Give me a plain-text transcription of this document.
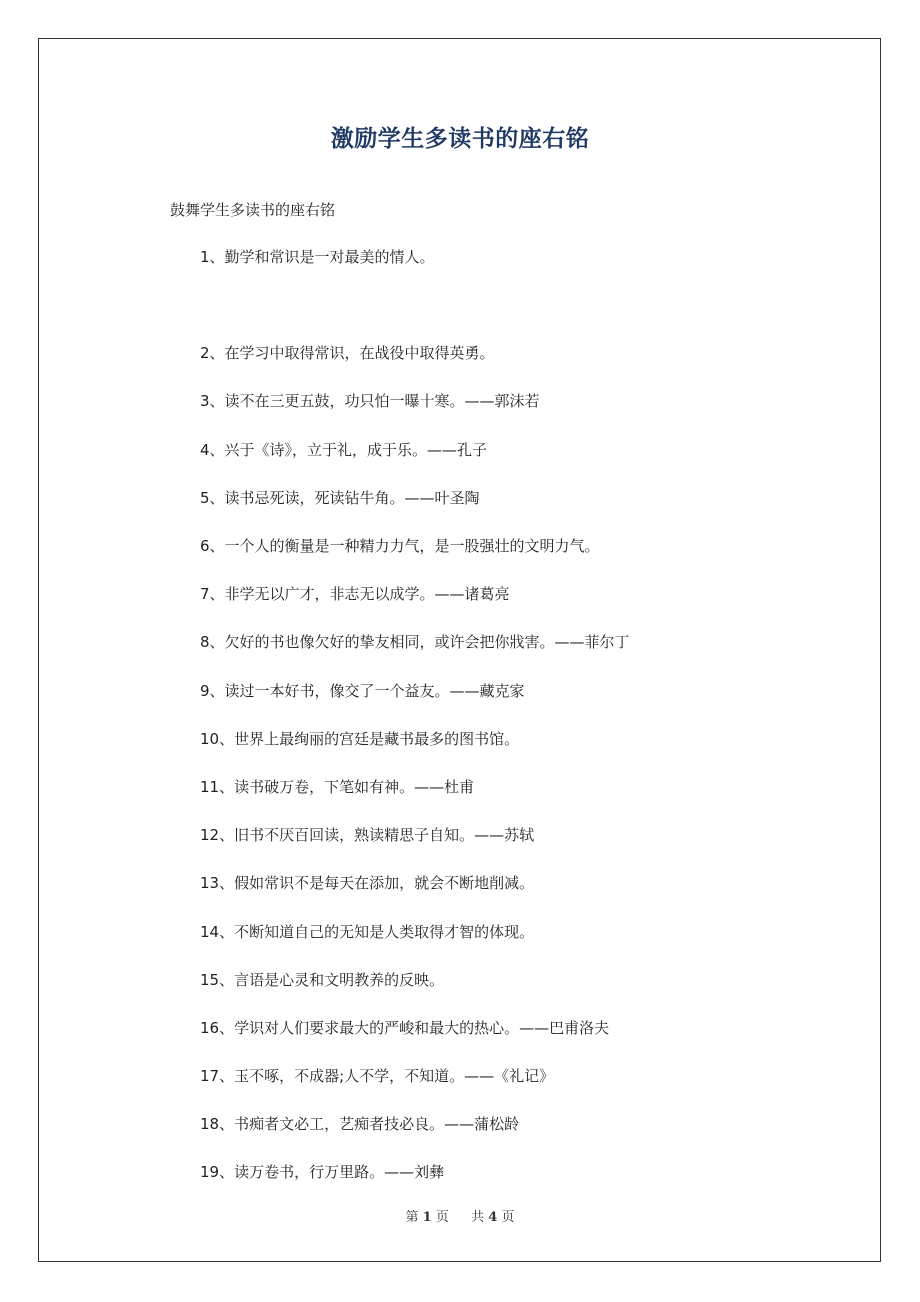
激励学生多读书的座右铭
鼓舞学生多读书的座右铭
1、勤学和常识是一对最美的情人。
2、在学习中取得常识，在战役中取得英勇。
3、读不在三更五鼓，功只怕一曝十寒。——郭沫若
4、兴于《诗》，立于礼，成于乐。——孔子
5、读书忌死读，死读钻牛角。——叶圣陶
6、一个人的衡量是一种精力力气，是一股强壮的文明力气。
7、非学无以广才，非志无以成学。——诸葛亮
8、欠好的书也像欠好的挚友相同，或许会把你戕害。——菲尔丁
9、读过一本好书，像交了一个益友。——藏克家
10、世界上最绚丽的宫廷是藏书最多的图书馆。
11、读书破万卷，下笔如有神。——杜甫
12、旧书不厌百回读，熟读精思子自知。——苏轼
13、假如常识不是每天在添加，就会不断地削减。
14、不断知道自己的无知是人类取得才智的体现。
15、言语是心灵和文明教养的反映。
16、学识对人们要求最大的严峻和最大的热心。——巴甫洛夫
17、玉不啄，不成器;人不学，不知道。——《礼记》
18、书痴者文必工，艺痴者技必良。——蒲松龄
19、读万卷书，行万里路。——刘彝
第 1 页 共 4 页
